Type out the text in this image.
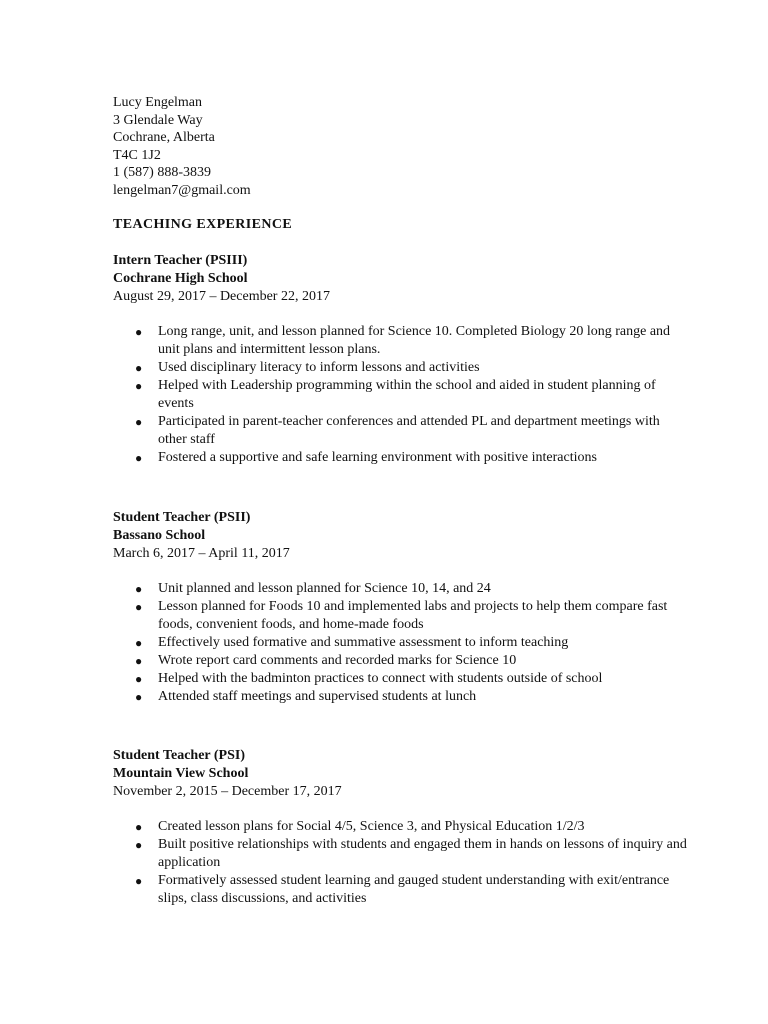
Lucy Engelman
3 Glendale Way
Cochrane, Alberta
T4C 1J2
1 (587) 888-3839
lengelman7@gmail.com
TEACHING EXPERIENCE
Intern Teacher (PSIII)
Cochrane High School
August 29, 2017 – December 22, 2017
● Long range, unit, and lesson planned for Science 10. Completed Biology 20 long range and unit plans and intermittent lesson plans.
● Used disciplinary literacy to inform lessons and activities
● Helped with Leadership programming within the school and aided in student planning of events
● Participated in parent-teacher conferences and attended PL and department meetings with other staff
● Fostered a supportive and safe learning environment with positive interactions
Student Teacher (PSII)
Bassano School
March 6, 2017 – April 11, 2017
● Unit planned and lesson planned for Science 10, 14, and 24
● Lesson planned for Foods 10 and implemented labs and projects to help them compare fast foods, convenient foods, and home-made foods
● Effectively used formative and summative assessment to inform teaching
● Wrote report card comments and recorded marks for Science 10
● Helped with the badminton practices to connect with students outside of school
● Attended staff meetings and supervised students at lunch
Student Teacher (PSI)
Mountain View School
November 2, 2015 – December 17, 2017
● Created lesson plans for Social 4/5, Science 3, and Physical Education 1/2/3
● Built positive relationships with students and engaged them in hands on lessons of inquiry and application
● Formatively assessed student learning and gauged student understanding with exit/entrance slips, class discussions, and activities
